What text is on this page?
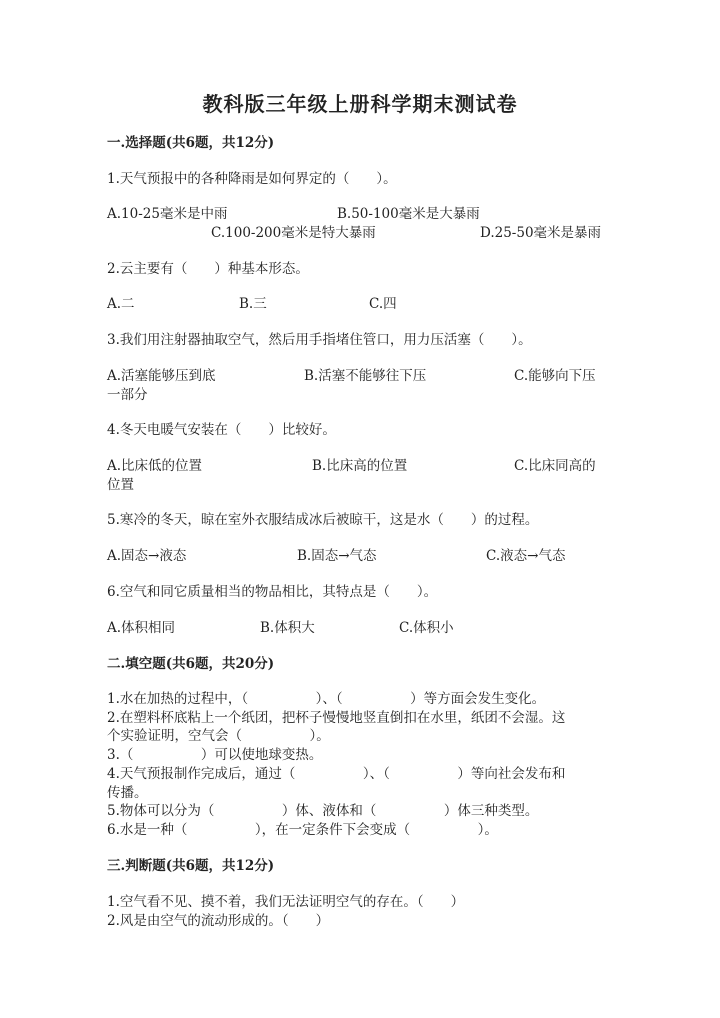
教科版三年级上册科学期末测试卷
一.选择题(共6题，共12分)
1.天气预报中的各种降雨是如何界定的（　　）。
A.10-25毫米是中雨	B.50-100毫米是大暴雨
C.100-200毫米是特大暴雨	D.25-50毫米是暴雨
2.云主要有（　　）种基本形态。
A.二	B.三	C.四
3.我们用注射器抽取空气，然后用手指堵住管口，用力压活塞（　　）。
A.活塞能够压到底	B.活塞不能够往下压	C.能够向下压
一部分
4.冬天电暖气安装在（　　）比较好。
A.比床低的位置	B.比床高的位置	C.比床同高的
位置
5.寒冷的冬天，晾在室外衣服结成冰后被晾干，这是水（　　）的过程。
A.固态→液态	B.固态→气态	C.液态→气态
6.空气和同它质量相当的物品相比，其特点是（　　）。
A.体积相同	B.体积大	C.体积小
二.填空题(共6题，共20分)
1.水在加热的过程中，（　　　　　）、（　　　　　）等方面会发生变化。
2.在塑料杯底粘上一个纸团，把杯子慢慢地竖直倒扣在水里，纸团不会湿。这
个实验证明，空气会（　　　　　）。
3.（　　　　　）可以使地球变热。
4.天气预报制作完成后，通过（　　　　　）、（　　　　　）等向社会发布和
传播。
5.物体可以分为（　　　　　）体、液体和（　　　　　）体三种类型。
6.水是一种（　　　　　），在一定条件下会变成（　　　　　）。
三.判断题(共6题，共12分)
1.空气看不见、摸不着，我们无法证明空气的存在。（　　）
2.风是由空气的流动形成的。（　　）
